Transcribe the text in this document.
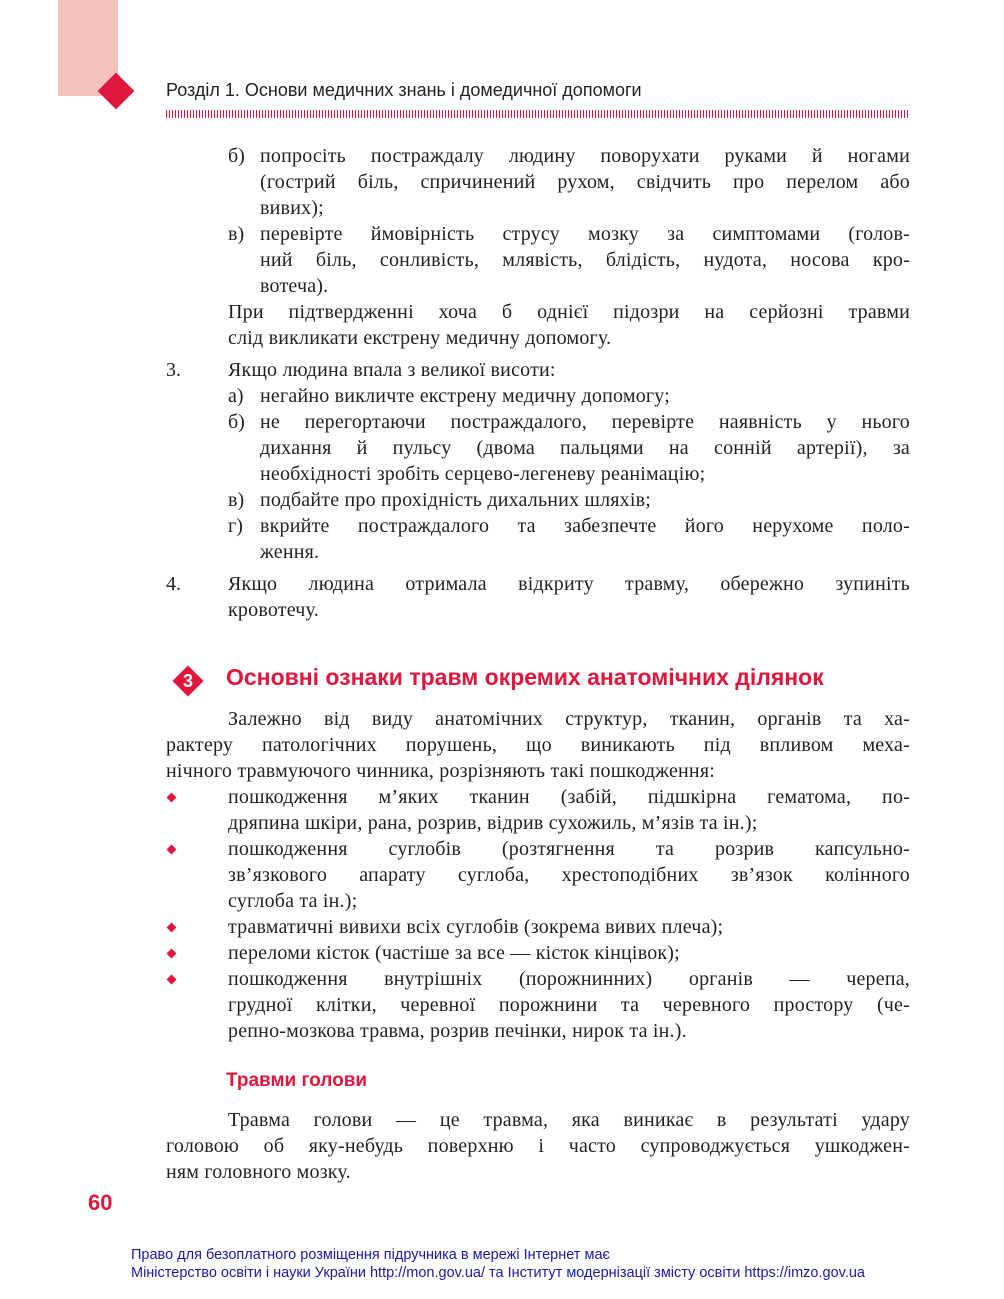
Розділ 1. Основи медичних знань і домедичної допомоги
б) попросіть постраждалу людину поворухати руками й ногами
(гострий біль, спричинений рухом, свідчить про перелом або
вивих);
в) перевірте ймовірність струсу мозку за симптомами (голов-
ний біль, сонливість, млявість, блідість, нудота, носова кро-
вотеча).
При підтвердженні хоча б однієї підозри на серйозні травми
слід викликати екстрену медичну допомогу.
3. Якщо людина впала з великої висоти:
а) негайно викличте екстрену медичну допомогу;
б) не перегортаючи постраждалого, перевірте наявність у нього
дихання й пульсу (двома пальцями на сонній артерії), за
необхідності зробіть серцево-легеневу реанімацію;
в) подбайте про прохідність дихальних шляхів;
г) вкрийте постраждалого та забезпечте його нерухоме поло-
ження.
4. Якщо людина отримала відкриту травму, обережно зупиніть
кровотечу.
3	Основні ознаки травм окремих анатомічних ділянок
Залежно від виду анатомічних структур, тканин, органів та ха-
рактеру патологічних порушень, що виникають під впливом меха-
нічного травмуючого чинника, розрізняють такі пошкодження:
пошкодження м’яких тканин (забій, підшкірна гематома, по-
дряпина шкіри, рана, розрив, відрив сухожиль, м’язів та ін.);
пошкодження суглобів (розтягнення та розрив капсульно-
зв’язкового апарату суглоба, хрестоподібних зв’язок колінного
суглоба та ін.);
травматичні вивихи всіх суглобів (зокрема вивих плеча);
переломи кісток (частіше за все — кісток кінцівок);
пошкодження внутрішніх (порожнинних) органів — черепа,
грудної клітки, черевної порожнини та черевного простору (че-
репно-мозкова травма, розрив печінки, нирок та ін.).
Травми голови
Травма голови — це травма, яка виникає в результаті удару
головою об яку-небудь поверхню і часто супроводжується ушкоджен-
ням головного мозку.
60
Право для безоплатного розміщення підручника в мережі Інтернет має
Міністерство освіти і науки України http://mon.gov.ua/ та Інститут модернізації змісту освіти https://imzo.gov.ua
